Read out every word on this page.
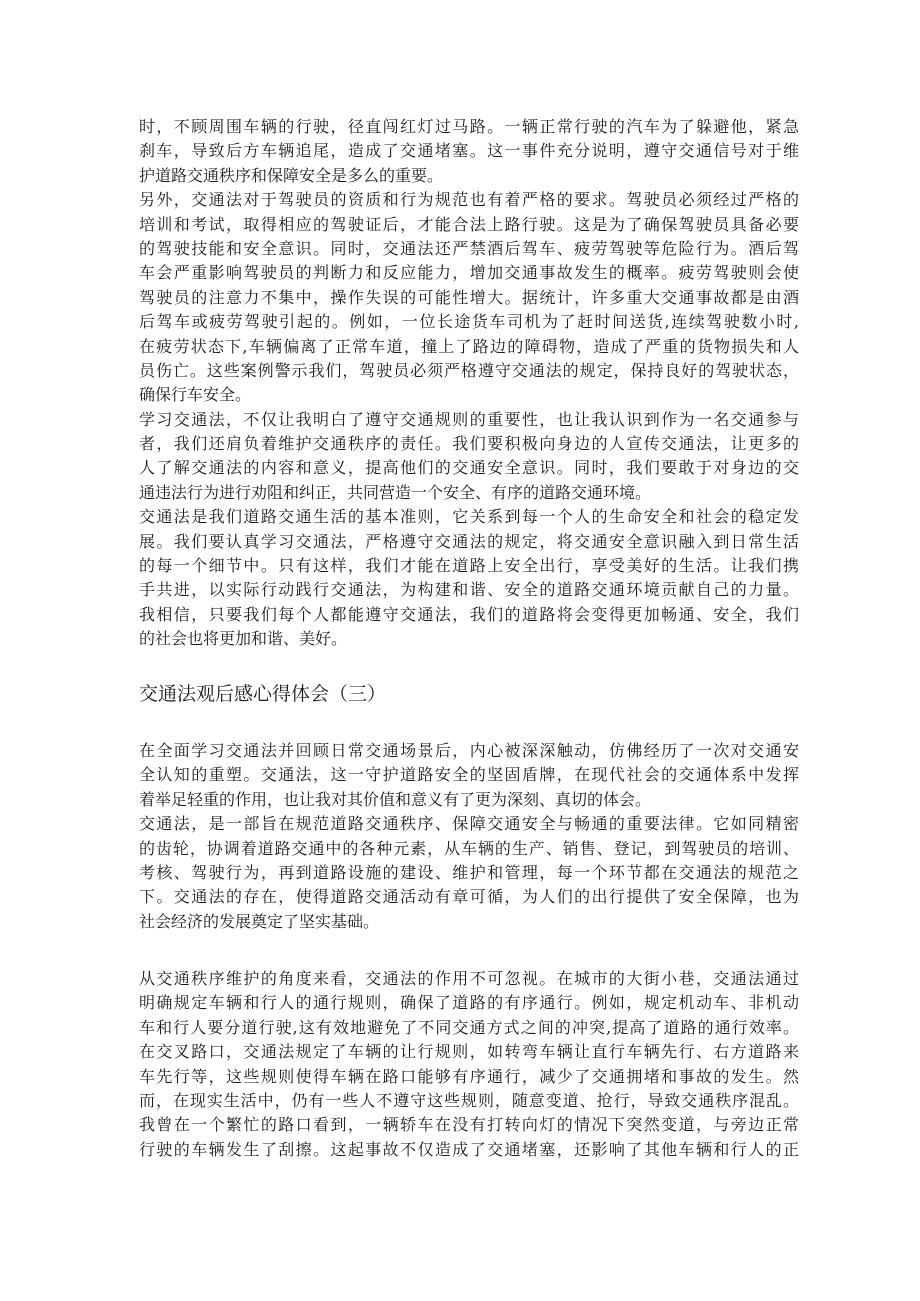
时，不顾周围车辆的行驶，径直闯红灯过马路。一辆正常行驶的汽车为了躲避他，紧急
刹车，导致后方车辆追尾，造成了交通堵塞。这一事件充分说明，遵守交通信号对于维
护道路交通秩序和保障安全是多么的重要。
另外，交通法对于驾驶员的资质和行为规范也有着严格的要求。驾驶员必须经过严格的
培训和考试，取得相应的驾驶证后，才能合法上路行驶。这是为了确保驾驶员具备必要
的驾驶技能和安全意识。同时，交通法还严禁酒后驾车、疲劳驾驶等危险行为。酒后驾
车会严重影响驾驶员的判断力和反应能力，增加交通事故发生的概率。疲劳驾驶则会使
驾驶员的注意力不集中，操作失误的可能性增大。据统计，许多重大交通事故都是由酒
后驾车或疲劳驾驶引起的。例如，一位长途货车司机为了赶时间送货,连续驾驶数小时,
在疲劳状态下,车辆偏离了正常车道，撞上了路边的障碍物，造成了严重的货物损失和人
员伤亡。这些案例警示我们，驾驶员必须严格遵守交通法的规定，保持良好的驾驶状态，
确保行车安全。
学习交通法，不仅让我明白了遵守交通规则的重要性，也让我认识到作为一名交通参与
者，我们还肩负着维护交通秩序的责任。我们要积极向身边的人宣传交通法，让更多的
人了解交通法的内容和意义，提高他们的交通安全意识。同时，我们要敢于对身边的交
通违法行为进行劝阻和纠正，共同营造一个安全、有序的道路交通环境。
交通法是我们道路交通生活的基本准则，它关系到每一个人的生命安全和社会的稳定发
展。我们要认真学习交通法，严格遵守交通法的规定，将交通安全意识融入到日常生活
的每一个细节中。只有这样，我们才能在道路上安全出行，享受美好的生活。让我们携
手共进，以实际行动践行交通法，为构建和谐、安全的道路交通环境贡献自己的力量。
我相信，只要我们每个人都能遵守交通法，我们的道路将会变得更加畅通、安全，我们
的社会也将更加和谐、美好。
交通法观后感心得体会（三）
在全面学习交通法并回顾日常交通场景后，内心被深深触动，仿佛经历了一次对交通安
全认知的重塑。交通法，这一守护道路安全的坚固盾牌，在现代社会的交通体系中发挥
着举足轻重的作用，也让我对其价值和意义有了更为深刻、真切的体会。
交通法，是一部旨在规范道路交通秩序、保障交通安全与畅通的重要法律。它如同精密
的齿轮，协调着道路交通中的各种元素，从车辆的生产、销售、登记，到驾驶员的培训、
考核、驾驶行为，再到道路设施的建设、维护和管理，每一个环节都在交通法的规范之
下。交通法的存在，使得道路交通活动有章可循，为人们的出行提供了安全保障，也为
社会经济的发展奠定了坚实基础。
从交通秩序维护的角度来看，交通法的作用不可忽视。在城市的大街小巷，交通法通过
明确规定车辆和行人的通行规则，确保了道路的有序通行。例如，规定机动车、非机动
车和行人要分道行驶,这有效地避免了不同交通方式之间的冲突,提高了道路的通行效率。
在交叉路口，交通法规定了车辆的让行规则，如转弯车辆让直行车辆先行、右方道路来
车先行等，这些规则使得车辆在路口能够有序通行，减少了交通拥堵和事故的发生。然
而，在现实生活中，仍有一些人不遵守这些规则，随意变道、抢行，导致交通秩序混乱。
我曾在一个繁忙的路口看到，一辆轿车在没有打转向灯的情况下突然变道，与旁边正常
行驶的车辆发生了刮擦。这起事故不仅造成了交通堵塞，还影响了其他车辆和行人的正
